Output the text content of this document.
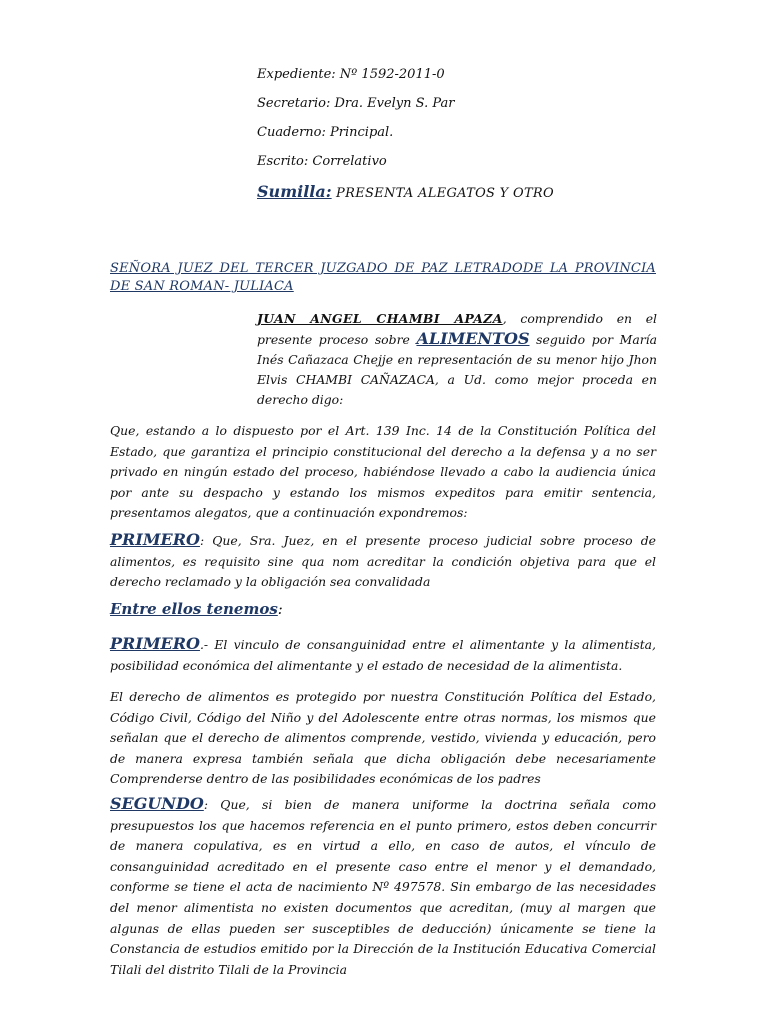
Expediente: Nº 1592-2011-0

Secretario: Dra. Evelyn S. Par

Cuaderno: Principal.

Escrito: Correlativo

Sumilla: PRESENTA ALEGATOS Y OTRO
SEÑORA JUEZ DEL TERCER JUZGADO DE PAZ LETRADODE LA PROVINCIA DE SAN ROMAN- JULIACA
JUAN ANGEL CHAMBI APAZA, comprendido en el presente proceso sobre ALIMENTOS seguido por María Inés Cañazaca Chejje en representación de su menor hijo Jhon Elvis CHAMBI CAÑAZACA, a Ud. como mejor proceda en derecho digo:
Que, estando a lo dispuesto por el Art. 139 Inc. 14 de la Constitución Política del Estado, que garantiza el principio constitucional del derecho a la defensa y a no ser privado en ningún estado del proceso, habiéndose llevado a cabo la audiencia única por ante su despacho y estando los mismos expeditos para emitir sentencia, presentamos alegatos, que a continuación expondremos:
PRIMERO: Que, Sra. Juez, en el presente proceso judicial sobre proceso de alimentos, es requisito sine qua nom acreditar la condición objetiva para que el derecho reclamado y la obligación sea convalidada
Entre ellos tenemos:
PRIMERO.- El vinculo de consanguinidad entre el alimentante y la alimentista, posibilidad económica del alimentante y el estado de necesidad de la alimentista.
El derecho de alimentos es protegido por nuestra Constitución Política del Estado, Código Civil, Código del Niño y del Adolescente entre otras normas, los mismos que señalan que el derecho de alimentos comprende, vestido, vivienda y educación, pero de manera expresa también señala que dicha obligación debe necesariamente Comprenderse dentro de las posibilidades económicas de los padres
SEGUNDO: Que, si bien de manera uniforme la doctrina señala como presupuestos los que hacemos referencia en el punto primero, estos deben concurrir de manera copulativa, es en virtud a ello, en caso de autos, el vínculo de consanguinidad acreditado en el presente caso entre el menor y el demandado, conforme se tiene el acta de nacimiento Nº 497578. Sin embargo de las necesidades del menor alimentista no existen documentos que acreditan, (muy al margen que algunas de ellas pueden ser susceptibles de deducción) únicamente se tiene la Constancia de estudios emitido por la Dirección de la Institución Educativa Comercial Tilali del distrito Tilali de la Provincia
